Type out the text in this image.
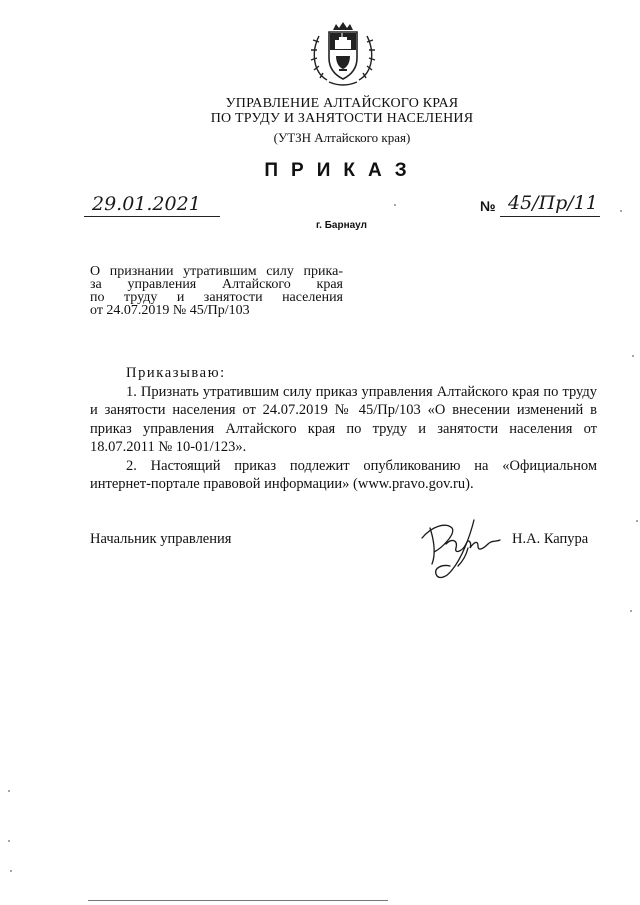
УПРАВЛЕНИЕ АЛТАЙСКОГО КРАЯ
ПО ТРУДУ И ЗАНЯТОСТИ НАСЕЛЕНИЯ
(УТЗН Алтайского края)
ПРИКАЗ
29.01.2021	№ 45/Пр/11
г. Барнаул
О признании утратившим силу прика-
за управления Алтайского края
по труду и занятости населения
от 24.07.2019 № 45/Пр/103

Приказываю:

1. Признать утратившим силу приказ управления Алтайского края по труду и занятости населения от 24.07.2019 № 45/Пр/103 «О внесении изменений в приказ управления Алтайского края по труду и занятости населения от 18.07.2011 № 10-01/123».

2. Настоящий приказ подлежит опубликованию на «Официальном интернет-портале правовой информации» (www.pravo.gov.ru).

Начальник управления	Н.А. Капура
